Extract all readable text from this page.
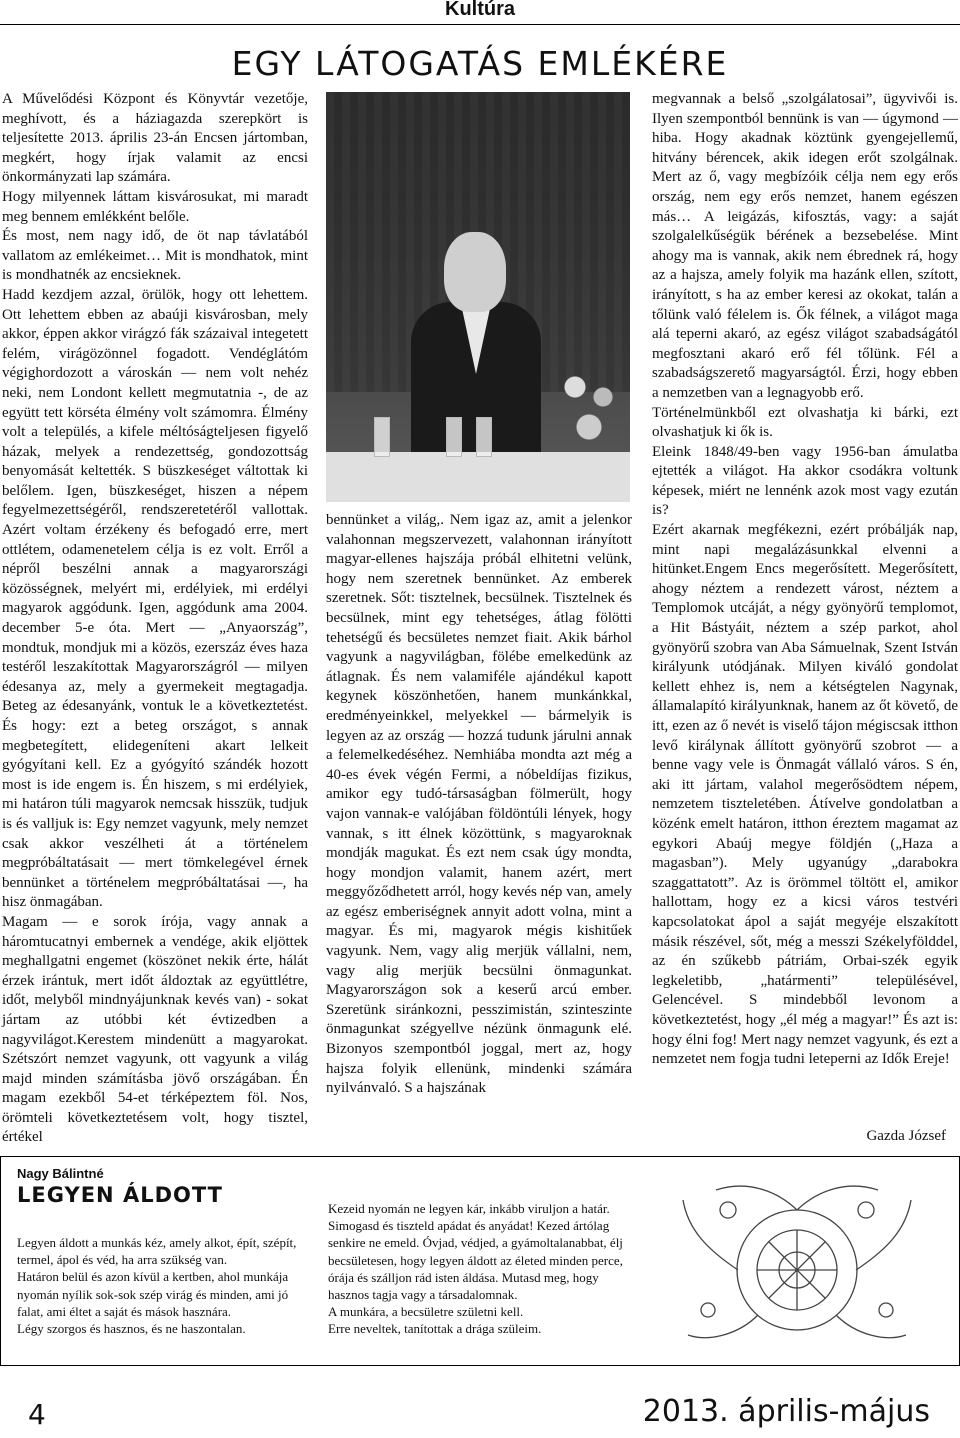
Kultúra
EGY LÁTOGATÁS EMLÉKÉRE

A Művelődési Központ és Könyvtár vezetője, meghívott, és a háziagazda szerepkört is teljesítette 2013. április 23-án Encsen jártomban, megkért, hogy írjak valamit az encsi önkormányzati lap számára.

Hogy milyennek láttam kisvárosukat, mi maradt meg bennem emlékként belőle.

És most, nem nagy idő, de öt nap távlatából vallatom az emlékeimet… Mit is mondhatok, mint is mondhatnék az encsieknek.

Hadd kezdjem azzal, örülök, hogy ott lehettem. Ott lehettem ebben az abaúji kisvárosban, mely akkor, éppen akkor virágzó fák százaival integetett felém, virágözönnel fogadott. Vendéglátóm végighordozott a városkán — nem volt nehéz neki, nem Londont kellett megmutatnia -, de az együtt tett körséta élmény volt számomra. Élmény volt a település, a kifele méltóságteljesen figyelő házak, melyek a rendezettség, gondozottság benyomását keltették. S büszkeséget váltottak ki belőlem. Igen, büszkeséget, hiszen a népem fegyelmezettségéről, rendszeretetéről vallottak. Azért voltam érzékeny és befogadó erre, mert ottlétem, odamenetelem célja is ez volt. Erről a népről beszélni annak a magyarországi közösségnek, melyért mi, erdélyiek, mi erdélyi magyarok aggódunk. Igen, aggódunk ama 2004. december 5-e óta. Mert — „Anyaország”, mondtuk, mondjuk mi a közös, ezerszáz éves haza testéről leszakítottak Magyarországról — milyen édesanya az, mely a gyermekeit megtagadja. Beteg az édesanyánk, vontuk le a következtetést. És hogy: ezt a beteg országot, s annak megbetegített, elidegeníteni akart lelkeit gyógyítani kell. Ez a gyógyító szándék hozott most is ide engem is. Én hiszem, s mi erdélyiek, mi határon túli magyarok nemcsak hisszük, tudjuk is és valljuk is: Egy nemzet vagyunk, mely nemzet csak akkor veszélheti át a történelem megpróbáltatásait — mert tömkelegével érnek bennünket a történelem megpróbáltatásai —, ha hisz önmagában.

Magam — e sorok írója, vagy annak a háromtucatnyi embernek a vendége, akik eljöttek meghallgatni engemet (köszönet nekik érte, hálát érzek irántuk, mert időt áldoztak az együttlétre, időt, melyből mindnyájunknak kevés van) - sokat jártam az utóbbi két évtizedben a nagyvilágot.Kerestem mindenütt a magyarokat. Szétszórt nemzet vagyunk, ott vagyunk a világ majd minden számításba jövő országában. Én magam ezekből 54-et térképeztem föl. Nos, örömteli következtetésem volt, hogy tisztel, értékel

bennünket a világ,. Nem igaz az, amit a jelenkor valahonnan megszervezett, valahonnan irányított magyar-ellenes hajszája próbál elhitetni velünk, hogy nem szeretnek bennünket. Az emberek szeretnek. Sőt: tisztelnek, becsülnek. Tisztelnek és becsülnek, mint egy tehetséges, átlag fölötti tehetségű és becsületes nemzet fiait. Akik bárhol vagyunk a nagyvilágban, fölébe emelkedünk az átlagnak. És nem valamiféle ajándékul kapott kegynek köszönhetően, hanem munkánkkal, eredményeinkkel, melyekkel — bármelyik is legyen az az ország — hozzá tudunk járulni annak a felemelkedéséhez. Nemhiába mondta azt még a 40-es évek végén Fermi, a nóbeldíjas fizikus, amikor egy tudó-társaságban fölmerült, hogy vajon vannak-e valójában földöntúli lények, hogy vannak, s itt élnek közöttünk, s magyaroknak mondják magukat. És ezt nem csak úgy mondta, hogy mondjon valamit, hanem azért, mert meggyőződhetett arról, hogy kevés nép van, amely az egész emberiségnek annyit adott volna, mint a magyar. És mi, magyarok mégis kishitűek vagyunk. Nem, vagy alig merjük vállalni, nem, vagy alig merjük becsülni önmagunkat. Magyarországon sok a keserű arcú ember. Szeretünk siránkozni, pesszimistán, szinteszinte önmagunkat szégyellve nézünk önmagunk elé. Bizonyos szempontból joggal, mert az, hogy hajsza folyik ellenünk, mindenki számára nyilvánvaló. S a hajszának

megvannak a belső „szolgálatosai”, ügyvivői is. Ilyen szempontból bennünk is van — úgymond — hiba. Hogy akadnak köztünk gyengejellemű, hitvány bérencek, akik idegen erőt szolgálnak. Mert az ő, vagy megbízóik célja nem egy erős ország, nem egy erős nemzet, hanem egészen más… A leigázás, kifosztás, vagy: a saját szolgalelkűségük bérének a bezsebelése. Mint ahogy ma is vannak, akik nem ébrednek rá, hogy az a hajsza, amely folyik ma hazánk ellen, szított, irányított, s ha az ember keresi az okokat, talán a tőlünk való félelem is. Ők félnek, a világot maga alá teperni akaró, az egész világot szabadságától megfosztani akaró erő fél tőlünk. Fél a szabadságszerető magyarságtól. Érzi, hogy ebben a nemzetben van a legnagyobb erő.

Történelmünkből ezt olvashatja ki bárki, ezt olvashatjuk ki ők is.

Eleink 1848/49-ben vagy 1956-ban ámulatba ejtették a világot. Ha akkor csodákra voltunk képesek, miért ne lennénk azok most vagy ezután is?

Ezért akarnak megfékezni, ezért próbálják nap, mint napi megalázásunkkal elvenni a hitünket.Engem Encs megerősített. Megerősített, ahogy néztem a rendezett várost, néztem a Templomok utcáját, a négy gyönyörű templomot, a Hit Bástyáit, néztem a szép parkot, ahol gyönyörű szobra van Aba Sámuelnak, Szent István királyunk utódjának. Milyen kiváló gondolat kellett ehhez is, nem a kétségtelen Nagynak, államalapító királyunknak, hanem az őt követő, de itt, ezen az ő nevét is viselő tájon mégiscsak itthon levő királynak állított gyönyörű szobrot — a benne vagy vele is Önmagát vállaló város. S én, aki itt jártam, valahol megerősödtem népem, nemzetem tiszteletében. Átívelve gondolatban a közénk emelt határon, itthon éreztem magamat az egykori Abaúj megye földjén („Haza a magasban”). Mely ugyanúgy „darabokra szaggattatott”. Az is örömmel töltött el, amikor hallottam, hogy ez a kicsi város testvéri kapcsolatokat ápol a saját megyéje elszakított másik részével, sőt, még a messzi Székelyfölddel, az én szűkebb pátriám, Orbai-szék egyik legkeletibb, „határmenti” településével, Gelencével. S mindebből levonom a következtetést, hogy „él még a magyar!” És azt is: hogy élni fog! Mert nagy nemzet vagyunk, és ezt a nemzetet nem fogja tudni leteperni az Idők Ereje!

Gazda József
Nagy Bálintné
LEGYEN ÁLDOTT

Legyen áldott a munkás kéz, amely alkot, épít, szépít, termel, ápol és véd, ha arra szükség van.

Határon belül és azon kívül a kertben, ahol munkája nyomán nyílik sok-sok szép virág és minden, ami jó falat, ami éltet a saját és mások hasznára.

Légy szorgos és hasznos, és ne haszontalan.

Kezeid nyomán ne legyen kár, inkább viruljon a határ. Simogasd és tiszteld apádat és anyádat! Kezed ártólag senkire ne emeld. Óvjad, védjed, a gyámoltalanabbat, élj becsületesen, hogy legyen áldott az életed minden perce, órája és szálljon rád isten áldása. Mutasd meg, hogy hasznos tagja vagy a társadalomnak.

A munkára, a becsületre születni kell.

Erre neveltek, tanítottak a drága szüleim.

4	2013. április-május
